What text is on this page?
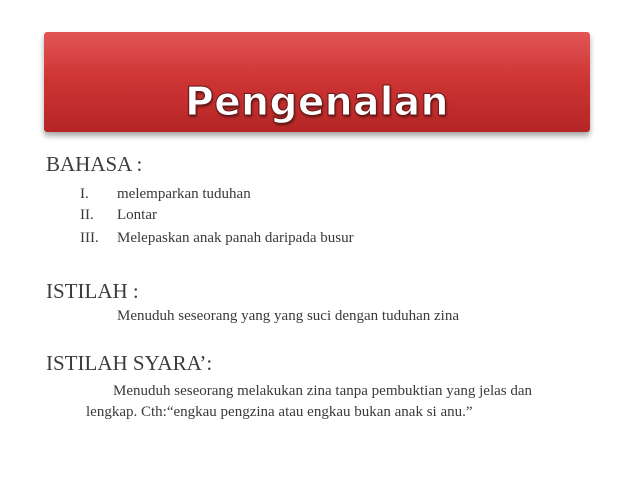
Pengenalan
BAHASA :
I. melemparkan tuduhan
II. Lontar
III. Melepaskan anak panah daripada busur
ISTILAH :
Menuduh seseorang yang yang suci dengan tuduhan zina
ISTILAH SYARA’:
Menuduh seseorang melakukan zina tanpa pembuktian yang jelas dan
lengkap. Cth:“engkau pengzina atau engkau bukan anak si anu.”
